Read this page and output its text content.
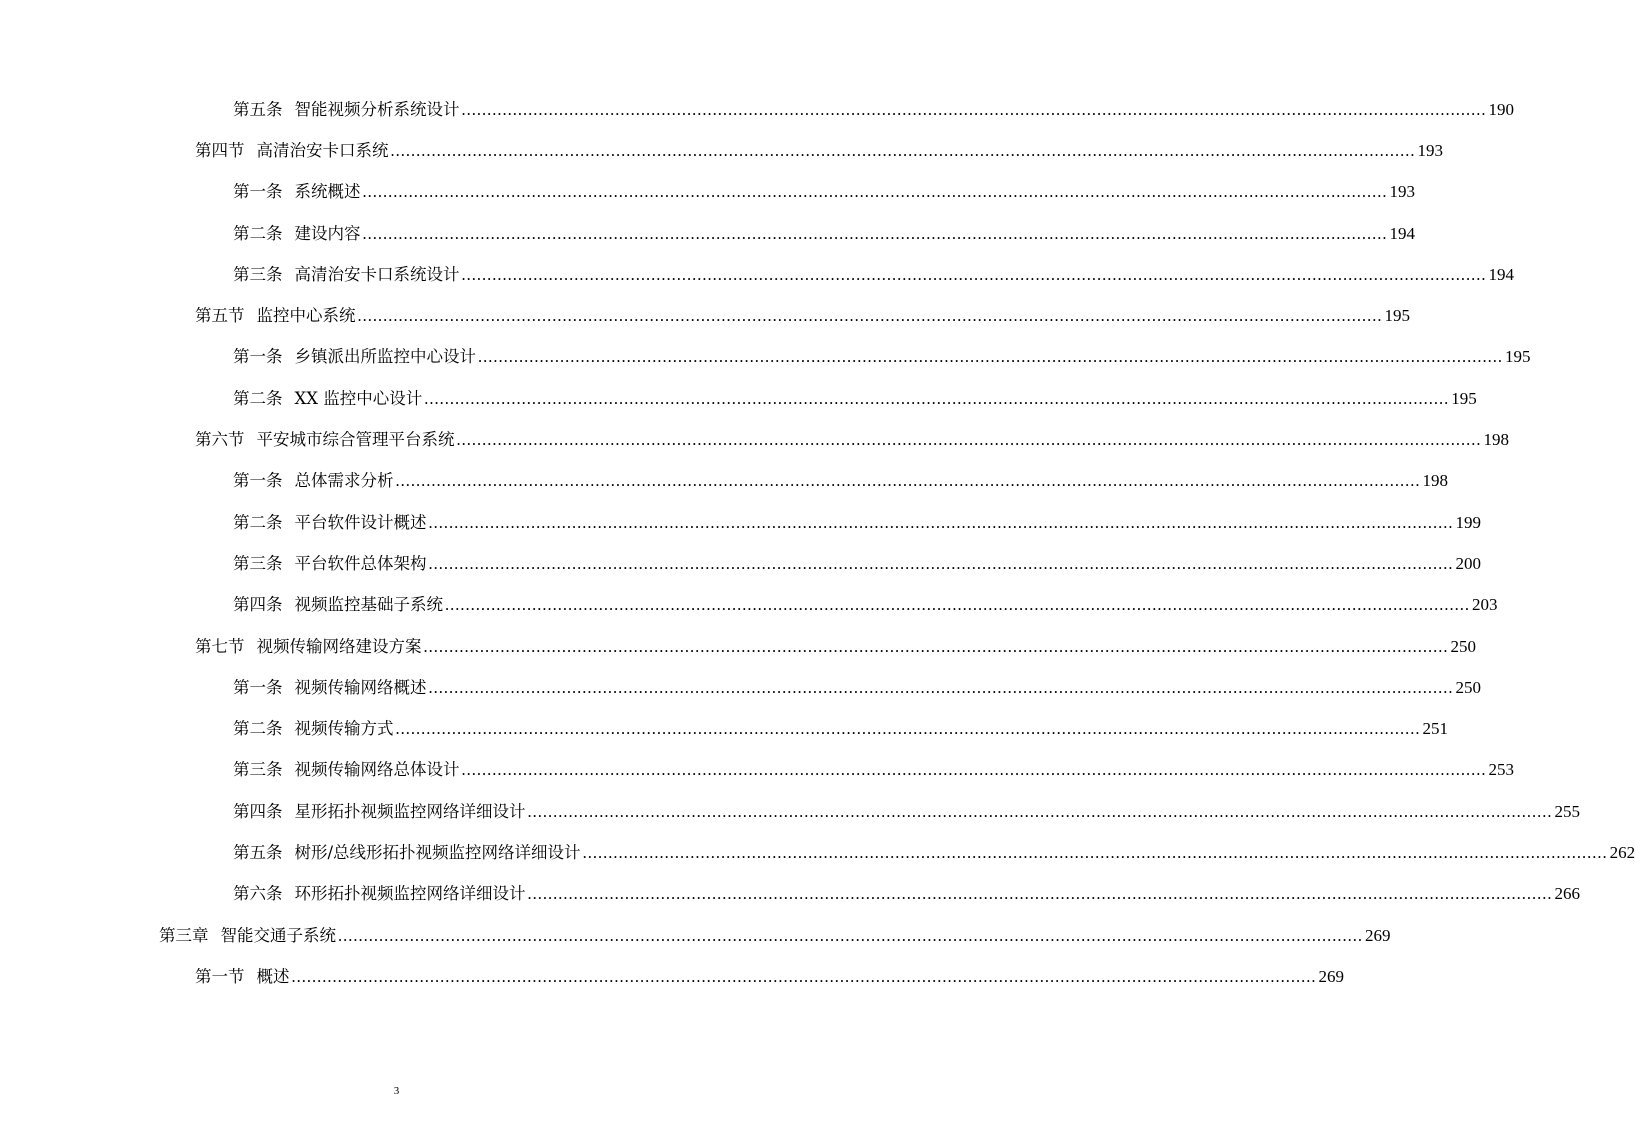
第五条 智能视频分析系统设计 ........................................................................................................................................................................................................ 190
第四节 高清治安卡口系统 ........................................................................................................................................................................................................ 193
第一条 系统概述 ........................................................................................................................................................................................................ 193
第二条 建设内容 ........................................................................................................................................................................................................ 194
第三条 高清治安卡口系统设计 ........................................................................................................................................................................................................ 194
第五节 监控中心系统 ........................................................................................................................................................................................................ 195
第一条 乡镇派出所监控中心设计 ........................................................................................................................................................................................................ 195
第二条 XX 监控中心设计 ........................................................................................................................................................................................................ 195
第六节 平安城市综合管理平台系统 ........................................................................................................................................................................................................ 198
第一条 总体需求分析 ........................................................................................................................................................................................................ 198
第二条 平台软件设计概述 ........................................................................................................................................................................................................ 199
第三条 平台软件总体架构 ........................................................................................................................................................................................................ 200
第四条 视频监控基础子系统 ........................................................................................................................................................................................................ 203
第七节 视频传输网络建设方案 ........................................................................................................................................................................................................ 250
第一条 视频传输网络概述 ........................................................................................................................................................................................................ 250
第二条 视频传输方式 ........................................................................................................................................................................................................ 251
第三条 视频传输网络总体设计 ........................................................................................................................................................................................................ 253
第四条 星形拓扑视频监控网络详细设计 ........................................................................................................................................................................................................ 255
第五条 树形/总线形拓扑视频监控网络详细设计 ........................................................................................................................................................................................................ 262
第六条 环形拓扑视频监控网络详细设计 ........................................................................................................................................................................................................ 266
第三章 智能交通子系统 ........................................................................................................................................................................................................ 269
第一节 概述 ........................................................................................................................................................................................................ 269
3
